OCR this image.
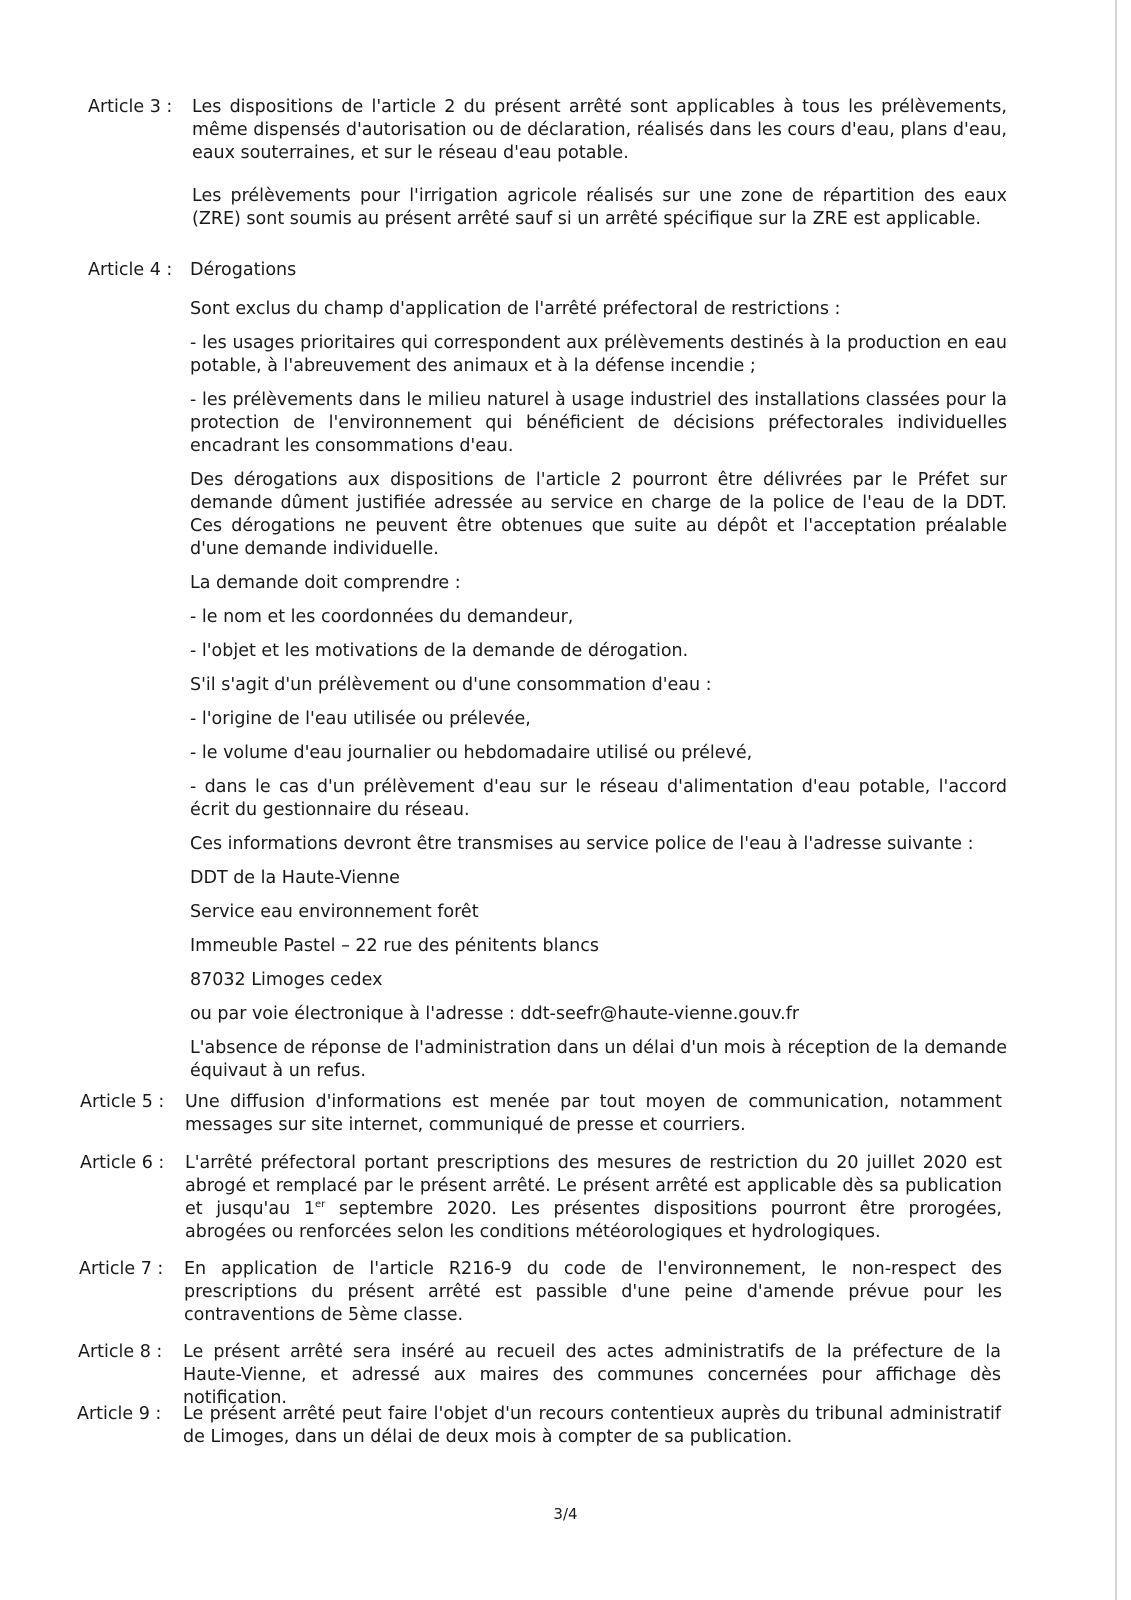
Article 3 : Les dispositions de l'article 2 du présent arrêté sont applicables à tous les prélèvements, même dispensés d'autorisation ou de déclaration, réalisés dans les cours d'eau, plans d'eau, eaux souterraines, et sur le réseau d'eau potable.

Les prélèvements pour l'irrigation agricole réalisés sur une zone de répartition des eaux (ZRE) sont soumis au présent arrêté sauf si un arrêté spécifique sur la ZRE est applicable.

Article 4 : Dérogations

Sont exclus du champ d'application de l'arrêté préfectoral de restrictions :

- les usages prioritaires qui correspondent aux prélèvements destinés à la production en eau potable, à l'abreuvement des animaux et à la défense incendie ;

- les prélèvements dans le milieu naturel à usage industriel des installations classées pour la protection de l'environnement qui bénéficient de décisions préfectorales individuelles encadrant les consommations d'eau.

Des dérogations aux dispositions de l'article 2 pourront être délivrées par le Préfet sur demande dûment justifiée adressée au service en charge de la police de l'eau de la DDT. Ces dérogations ne peuvent être obtenues que suite au dépôt et l'acceptation préalable d'une demande individuelle.

La demande doit comprendre :

- le nom et les coordonnées du demandeur,

- l'objet et les motivations de la demande de dérogation.

S'il s'agit d'un prélèvement ou d'une consommation d'eau :

- l'origine de l'eau utilisée ou prélevée,

- le volume d'eau journalier ou hebdomadaire utilisé ou prélevé,

- dans le cas d'un prélèvement d'eau sur le réseau d'alimentation d'eau potable, l'accord écrit du gestionnaire du réseau.

Ces informations devront être transmises au service police de l'eau à l'adresse suivante :

DDT de la Haute-Vienne

Service eau environnement forêt

Immeuble Pastel – 22 rue des pénitents blancs

87032 Limoges cedex

ou par voie électronique à l'adresse : ddt-seefr@haute-vienne.gouv.fr

L'absence de réponse de l'administration dans un délai d'un mois à réception de la demande équivaut à un refus.

Article 5 : Une diffusion d'informations est menée par tout moyen de communication, notamment messages sur site internet, communiqué de presse et courriers.

Article 6 : L'arrêté préfectoral portant prescriptions des mesures de restriction du 20 juillet 2020 est abrogé et remplacé par le présent arrêté. Le présent arrêté est applicable dès sa publication et jusqu'au 1er septembre 2020. Les présentes dispositions pourront être prorogées, abrogées ou renforcées selon les conditions météorologiques et hydrologiques.

Article 7 : En application de l'article R216-9 du code de l'environnement, le non-respect des prescriptions du présent arrêté est passible d'une peine d'amende prévue pour les contraventions de 5ème classe.

Article 8 : Le présent arrêté sera inséré au recueil des actes administratifs de la préfecture de la Haute-Vienne, et adressé aux maires des communes concernées pour affichage dès notification.

Article 9 : Le présent arrêté peut faire l'objet d'un recours contentieux auprès du tribunal administratif de Limoges, dans un délai de deux mois à compter de sa publication.

3/4
